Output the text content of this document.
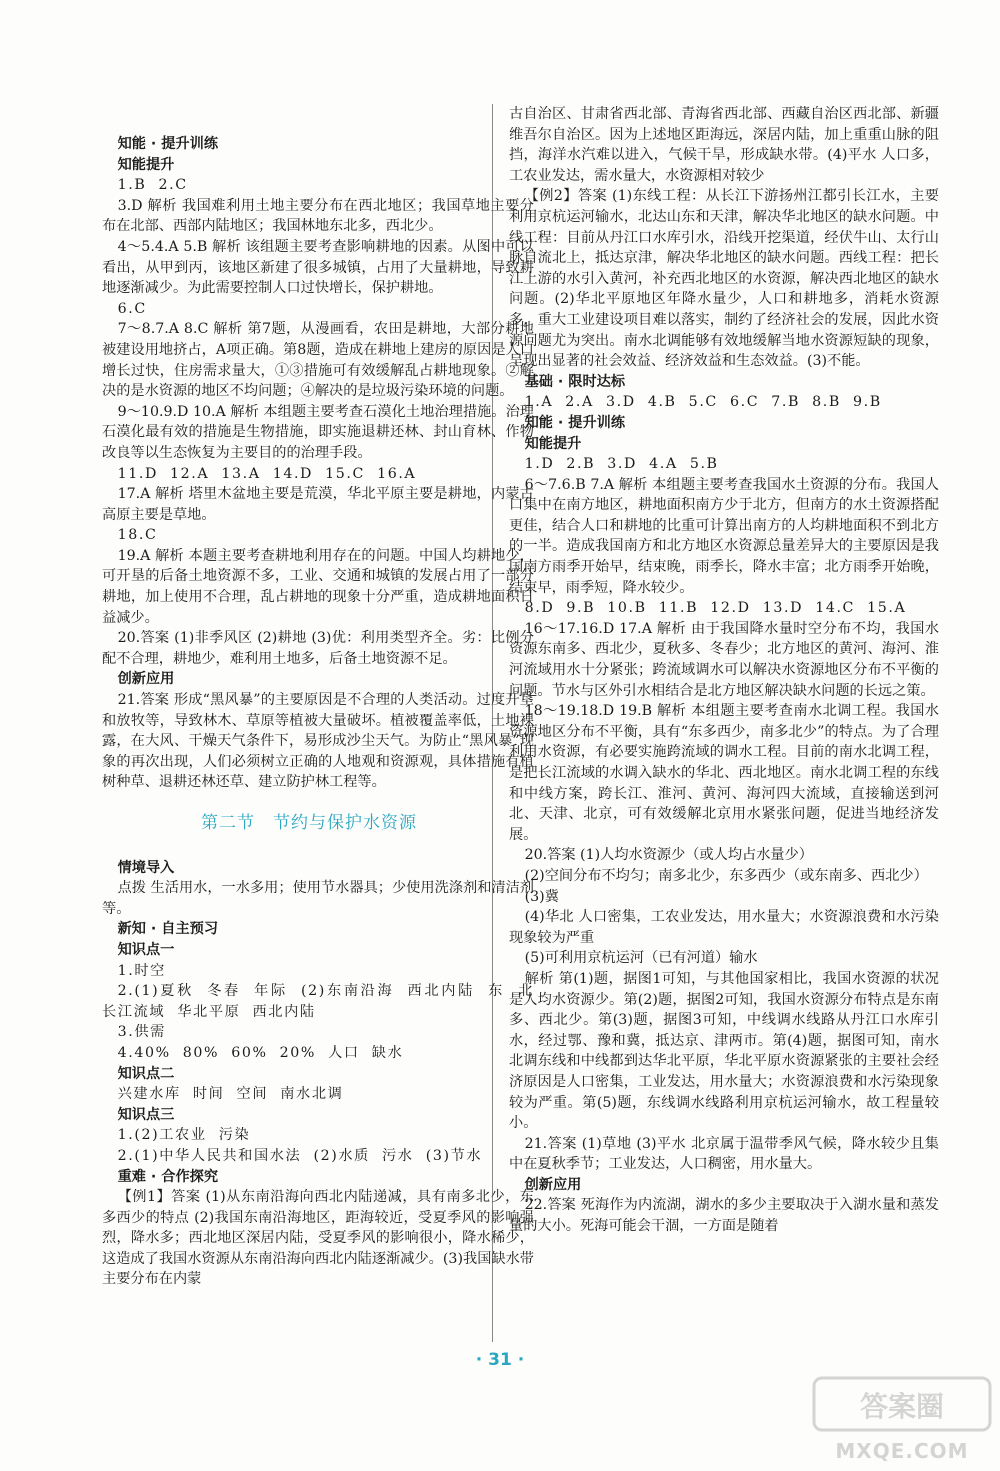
知能 · 提升训练

知能提升

1.B 2.C

3.D 解析 我国难利用土地主要分布在西北地区；我国草地主要分布在北部、西部内陆地区；我国林地东北多，西北少。

4～5.4.A 5.B 解析 该组题主要考查影响耕地的因素。从图中可以看出，从甲到丙，该地区新建了很多城镇，占用了大量耕地，导致耕地逐渐减少。为此需要控制人口过快增长，保护耕地。

6.C

7～8.7.A 8.C 解析 第7题，从漫画看，农田是耕地，大部分耕地被建设用地挤占，A项正确。第8题，造成在耕地上建房的原因是人口增长过快，住房需求量大，①③措施可有效缓解乱占耕地现象。②解决的是水资源的地区不均问题；④解决的是垃圾污染环境的问题。

9～10.9.D 10.A 解析 本组题主要考查石漠化土地治理措施。治理石漠化最有效的措施是生物措施，即实施退耕还林、封山育林、作物改良等以生态恢复为主要目的的治理手段。

11.D 12.A 13.A 14.D 15.C 16.A

17.A 解析 塔里木盆地主要是荒漠，华北平原主要是耕地，内蒙古高原主要是草地。

18.C

19.A 解析 本题主要考查耕地利用存在的问题。中国人均耕地少，可开垦的后备土地资源不多，工业、交通和城镇的发展占用了一部分耕地，加上使用不合理，乱占耕地的现象十分严重，造成耕地面积日益减少。

20.答案 (1)非季风区 (2)耕地 (3)优：利用类型齐全。劣：比例分配不合理，耕地少，难利用土地多，后备土地资源不足。

创新应用

21.答案 形成“黑风暴”的主要原因是不合理的人类活动。过度开垦和放牧等，导致林木、草原等植被大量破坏。植被覆盖率低，土地裸露，在大风、干燥天气条件下，易形成沙尘天气。为防止“黑风暴”现象的再次出现，人们必须树立正确的人地观和资源观，具体措施有植树种草、退耕还林还草、建立防护林工程等。

第二节 节约与保护水资源

情境导入

点拨 生活用水，一水多用；使用节水器具；少使用洗涤剂和清洁剂等。

新知 · 自主预习

知识点一

1.时空

2.(1)夏秋 冬春 年际 (2)东南沿海 西北内陆 东 北 长江流域 华北平原 西北内陆

3.供需

4.40% 80% 60% 20% 人口 缺水

知识点二

兴建水库 时间 空间 南水北调

知识点三

1.(2)工农业 污染

2.(1)中华人民共和国水法 (2)水质 污水 (3)节水

重难 · 合作探究

【例1】答案 (1)从东南沿海向西北内陆递减，具有南多北少，东多西少的特点 (2)我国东南沿海地区，距海较近，受夏季风的影响强烈，降水多；西北地区深居内陆，受夏季风的影响很小，降水稀少，这造成了我国水资源从东南沿海向西北内陆逐渐减少。(3)我国缺水带主要分布在内蒙

古自治区、甘肃省西北部、青海省西北部、西藏自治区西北部、新疆维吾尔自治区。因为上述地区距海远，深居内陆，加上重重山脉的阻挡，海洋水汽难以进入，气候干旱，形成缺水带。(4)平水 人口多，工农业发达，需水量大，水资源相对较少

【例2】答案 (1)东线工程：从长江下游扬州江都引长江水，主要利用京杭运河输水，北达山东和天津，解决华北地区的缺水问题。中线工程：目前从丹江口水库引水，沿线开挖渠道，经伏牛山、太行山脉自流北上，抵达京津，解决华北地区的缺水问题。西线工程：把长江上游的水引入黄河，补充西北地区的水资源，解决西北地区的缺水问题。(2)华北平原地区年降水量少，人口和耕地多，消耗水资源多，重大工业建设项目难以落实，制约了经济社会的发展，因此水资源问题尤为突出。南水北调能够有效地缓解当地水资源短缺的现象，呈现出显著的社会效益、经济效益和生态效益。(3)不能。

基础 · 限时达标

1.A 2.A 3.D 4.B 5.C 6.C 7.B 8.B 9.B

知能 · 提升训练

知能提升

1.D 2.B 3.D 4.A 5.B

6～7.6.B 7.A 解析 本组题主要考查我国水土资源的分布。我国人口集中在南方地区，耕地面积南方少于北方，但南方的水土资源搭配更佳，结合人口和耕地的比重可计算出南方的人均耕地面积不到北方的一半。造成我国南方和北方地区水资源总量差异大的主要原因是我国南方雨季开始早，结束晚，雨季长，降水丰富；北方雨季开始晚，结束早，雨季短，降水较少。

8.D 9.B 10.B 11.B 12.D 13.D 14.C 15.A

16～17.16.D 17.A 解析 由于我国降水量时空分布不均，我国水资源东南多、西北少，夏秋多、冬春少；北方地区的黄河、海河、淮河流域用水十分紧张；跨流域调水可以解决水资源地区分布不平衡的问题。节水与区外引水相结合是北方地区解决缺水问题的长远之策。

18～19.18.D 19.B 解析 本组题主要考查南水北调工程。我国水资源地区分布不平衡，具有“东多西少，南多北少”的特点。为了合理利用水资源，有必要实施跨流域的调水工程。目前的南水北调工程，是把长江流域的水调入缺水的华北、西北地区。南水北调工程的东线和中线方案，跨长江、淮河、黄河、海河四大流域，直接输送到河北、天津、北京，可有效缓解北京用水紧张问题，促进当地经济发展。

20.答案 (1)人均水资源少（或人均占水量少）

(2)空间分布不均匀；南多北少，东多西少（或东南多、西北少）

(3)冀

(4)华北 人口密集，工农业发达，用水量大；水资源浪费和水污染现象较为严重

(5)可利用京杭运河（已有河道）输水

解析 第(1)题，据图1可知，与其他国家相比，我国水资源的状况是人均水资源少。第(2)题，据图2可知，我国水资源分布特点是东南多、西北少。第(3)题，据图3可知，中线调水线路从丹江口水库引水，经过鄂、豫和冀，抵达京、津两市。第(4)题，据图可知，南水北调东线和中线都到达华北平原，华北平原水资源紧张的主要社会经济原因是人口密集，工业发达，用水量大；水资源浪费和水污染现象较为严重。第(5)题，东线调水线路利用京杭运河输水，故工程量较小。

21.答案 (1)草地 (3)平水 北京属于温带季风气候，降水较少且集中在夏秋季节；工业发达，人口稠密，用水量大。

创新应用

22.答案 死海作为内流湖，湖水的多少主要取决于入湖水量和蒸发量的大小。死海可能会干涸，一方面是随着

· 31 ·
答案圈
MXQE.COM
